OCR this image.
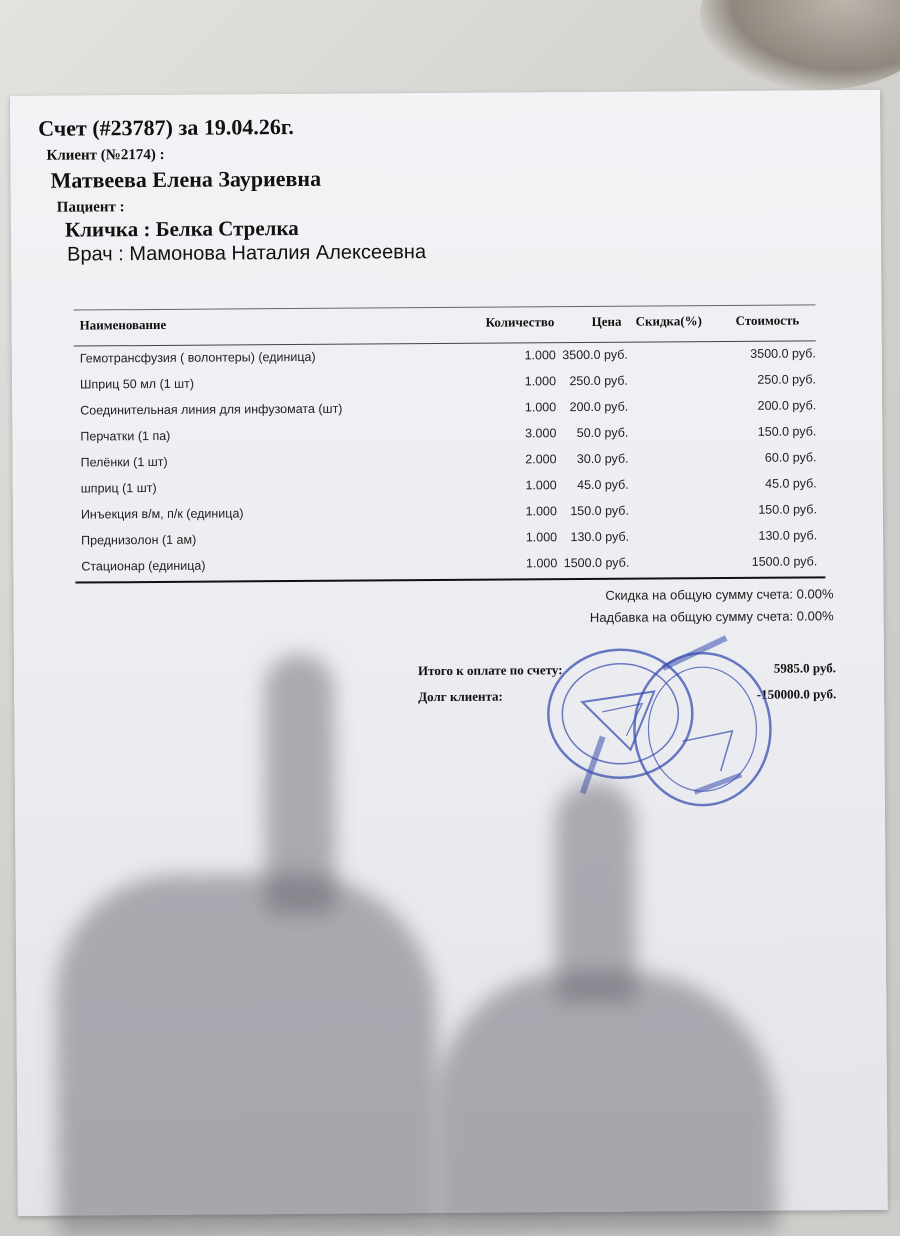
Счет (#23787) за 19.04.26г.
Клиент (№2174) :
Матвеева Елена Зауриевна
Пациент :
Кличка : Белка Стрелка
Врач : Мамонова Наталия Алексеевна
Наименование	Количество	Цена Скидка(%)	Стоимость
Гемотрансфузия ( волонтеры) (единица)	1.000 3500.0 руб.	3500.0 руб.
Шприц 50 мл (1 шт)	1.000	250.0 руб.	250.0 руб.
Соединительная линия для инфузомата (шт)	1.000	200.0 руб.	200.0 руб.
Перчатки (1 па)	3.000	50.0 руб.	150.0 руб.
Пелёнки (1 шт)	2.000	30.0 руб.	60.0 руб.
шприц (1 шт)	1.000	45.0 руб.	45.0 руб.
Инъекция в/м, п/к (единица)	1.000	150.0 руб.	150.0 руб.
Преднизолон (1 ам)	1.000	130.0 руб.	130.0 руб.
Стационар (единица)	1.000 1500.0 руб.	1500.0 руб.
Скидка на общую сумму счета: 0.00%
Надбавка на общую сумму счета: 0.00%
Итого к оплате по счету:	5985.0 руб.
Долг клиента:	-150000.0 руб.
